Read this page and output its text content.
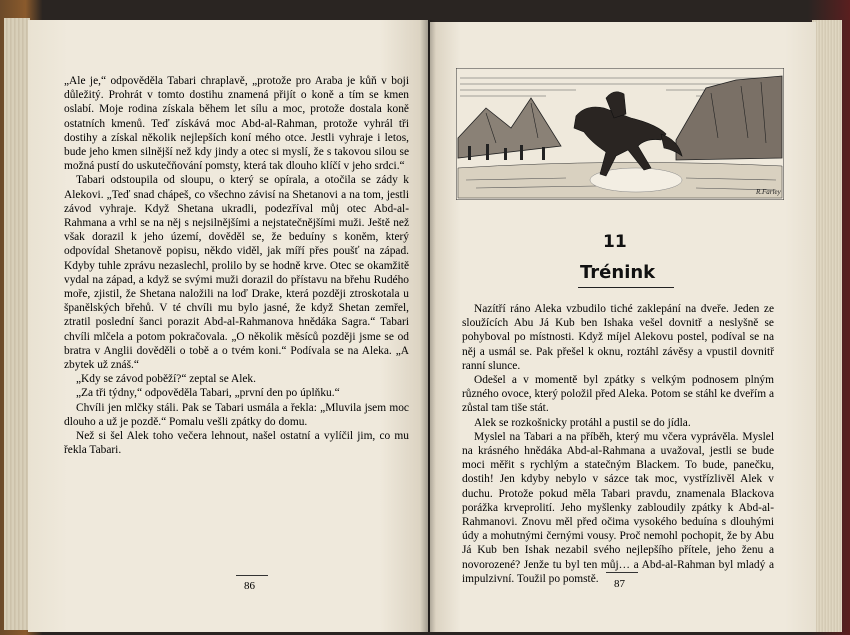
„Ale je,“ odpověděla Tabari chraplavě, „protože pro Araba je kůň v boji důležitý. Prohrát v tomto dostihu znamená přijít o koně a tím se kmen oslabí. Moje rodina získala během let sílu a moc, protože dostala koně ostatních kmenů. Teď získává moc Abd-al-Rahman, protože vyhrál tři dostihy a získal několik nejlepších koní mého otce. Jestli vyhraje i letos, bude jeho kmen silnější než kdy jindy a otec si myslí, že s takovou silou se možná pustí do uskutečňování pomsty, která tak dlouho klíčí v jeho srdci.“

Tabari odstoupila od sloupu, o který se opírala, a otočila se zády k Alekovi. „Teď snad chápeš, co všechno závisí na Shetanovi a na tom, jestli závod vyhraje. Když Shetana ukradli, podezříval můj otec Abd-al-Rahmana a vrhl se na něj s nejsilnějšími a nejstatečnějšími muži. Ještě než však dorazil k jeho území, dověděl se, že beduíny s koněm, který odpovídal Shetanově popisu, někdo viděl, jak míří přes poušť na západ. Kdyby tuhle zprávu nezaslechl, prolilo by se hodně krve. Otec se okamžitě vydal na západ, a když se svými muži dorazil do přístavu na břehu Rudého moře, zjistil, že Shetana naložili na loď Drake, která později ztroskotala u španělských břehů. V té chvíli mu bylo jasné, že když Shetan zemřel, ztratil poslední šanci porazit Abd-al-Rahmanova hnědáka Sagra.“ Tabari chvíli mlčela a potom pokračovala. „O několik měsíců později jsme se od bratra v Anglii dověděli o tobě a o tvém koni.“ Podívala se na Aleka. „A zbytek už znáš.“

„Kdy se závod poběží?“ zeptal se Alek.

„Za tři týdny,“ odpověděla Tabari, „první den po úplňku.“

Chvíli jen mlčky stáli. Pak se Tabari usmála a řekla: „Mluvila jsem moc dlouho a už je pozdě.“ Pomalu vešli zpátky do domu.

Než si šel Alek toho večera lehnout, našel ostatní a vylíčil jim, co mu řekla Tabari.

86
R.Farley
11
Trénink

Nazítří ráno Aleka vzbudilo tiché zaklepání na dveře. Jeden ze sloužících Abu Já Kub ben Ishaka vešel dovnitř a neslyšně se pohyboval po místnosti. Když míjel Alekovu postel, podíval se na něj a usmál se. Pak přešel k oknu, roztáhl závěsy a vpustil dovnitř ranní slunce.

Odešel a v momentě byl zpátky s velkým podnosem plným různého ovoce, který položil před Aleka. Potom se stáhl ke dveřím a zůstal tam tiše stát.

Alek se rozkošnicky protáhl a pustil se do jídla.

Myslel na Tabari a na příběh, který mu včera vyprávěla. Myslel na krásného hnědáka Abd-al-Rahmana a uvažoval, jestli se bude moci měřit s rychlým a statečným Blackem. To bude, panečku, dostih! Jen kdyby nebylo v sázce tak moc, vystřízlivěl Alek v duchu. Protože pokud měla Tabari pravdu, znamenala Blackova porážka krveprolití. Jeho myšlenky zabloudily zpátky k Abd-al-Rahmanovi. Znovu měl před očima vysokého beduína s dlouhými údy a mohutnými černými vousy. Proč nemohl pochopit, že by Abu Já Kub ben Ishak nezabil svého nejlepšího přítele, jeho ženu a novorozené? Jenže tu byl ten můj… a Abd-al-Rahman byl mladý a impulzivní. Toužil po pomstě.	87
